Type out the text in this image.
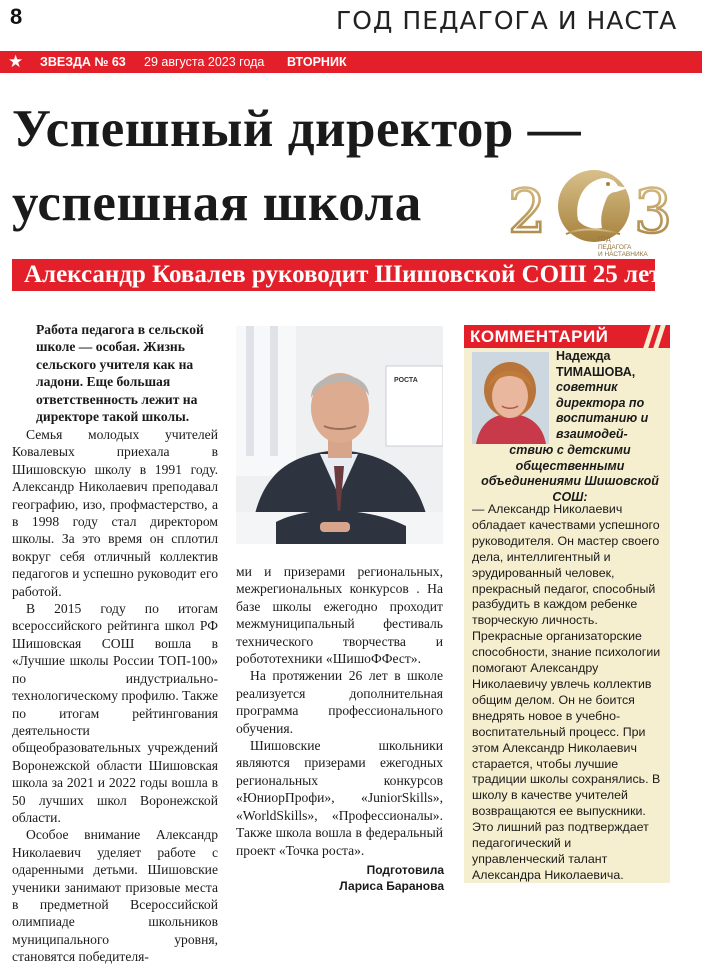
8	ГОД ПЕДАГОГА И НАСТА
★	ЗВЕЗДА № 63 29 августа 2023 года ВТОРНИК
Успешный директор —
успешная школа	2 3
ГОД
ПЕДАГОГА
И НАСТАВНИКА
Александр Ковалев руководит Шишовской СОШ 25 лет
Работа педагога в сельской школе — особая. Жизнь сельского учителя как на ладони. Еще большая ответственность лежит на директоре такой школы.

Семья молодых учителей Ковалевых приехала в Шишовскую школу в 1991 году. Александр Николаевич преподавал географию, изо, профмастерство, а в 1998 году стал директором школы. За это время он сплотил вокруг себя отличный коллектив педагогов и успешно руководит его работой.

В 2015 году по итогам всероссийского рейтинга школ РФ Шишовская СОШ вошла в «Лучшие школы России ТОП-100» по индустриально-технологическому профилю. Также по итогам рейтингования деятельности общеобразовательных учреждений Воронежской области Шишовская школа за 2021 и 2022 годы вошла в 50 лучших школ Воронежской области.

Особое внимание Александр Николаевич уделяет работе с одаренными детьми. Шишовские ученики занимают призовые места в предметной Всероссийской олимпиаде школьников муниципального уровня, становятся победителя-

РОСТА

ми и призерами региональных, межрегиональных конкурсов . На базе школы ежегодно проходит межмуниципальный фестиваль технического творчества и робототехники «ШишоФФест».

На протяжении 26 лет в школе реализуется дополнительная программа профессионального обучения.

Шишовские школьники являются призерами ежегодных региональных конкурсов «ЮниорПрофи», «JuniorSkills», «WorldSkills», «Профессионалы». Также школа вошла в федеральный проект «Точка роста».

Подготовила
Лариса Баранова
КОММЕНТАРИЙ
Надежда
ТИМАШОВА,
советник директора по воспитанию и взаимодей-
ствию с детскими общественными объединениями Шишовской СОШ:
— Александр Николаевич обладает качествами успешного руководителя. Он мастер своего дела, интеллигентный и эрудированный человек, прекрасный педагог, способный разбудить в каждом ребенке творческую личность. Прекрасные организаторские способности, знание психологии помогают Александру Николаевичу увлечь коллектив общим делом. Он не боится внедрять новое в учебно-воспитательный процесс. При этом Александр Николаевич старается, чтобы лучшие традиции школы сохранялись. В школу в качестве учителей возвращаются ее выпускники. Это лишний раз подтверждает педагогический и управленческий талант Александра Николаевича.
